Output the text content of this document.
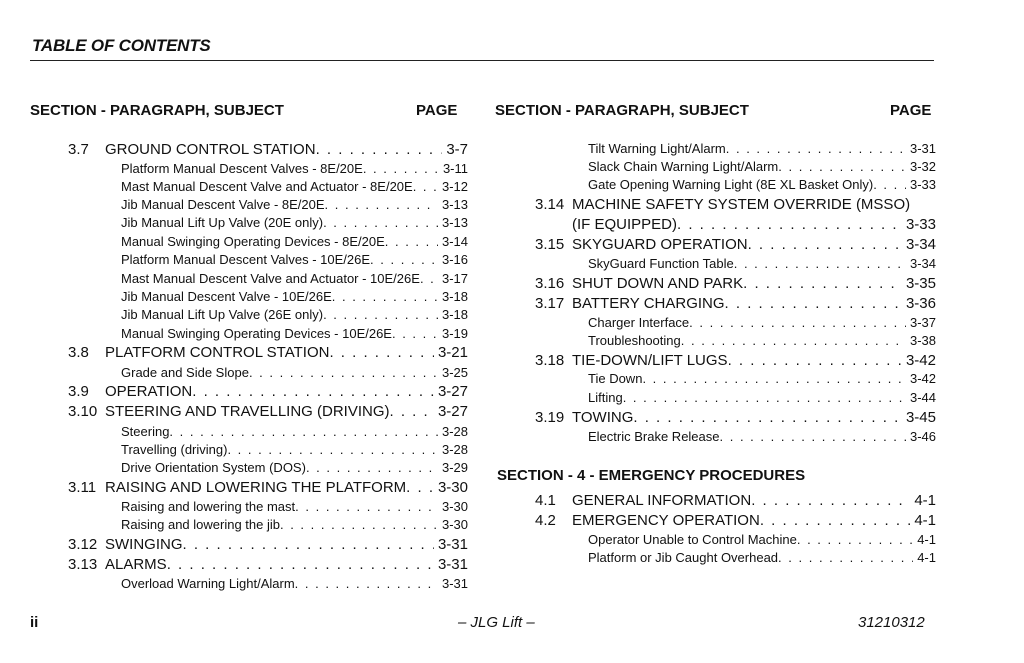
TABLE OF CONTENTS
SECTION - PARAGRAPH, SUBJECT	PAGE	SECTION - PARAGRAPH, SUBJECT	PAGE
3.7	GROUND CONTROL STATION . . .	3-7
Platform Manual Descent Valves - 8E/20E . . .	3-11
Mast Manual Descent Valve and Actuator - 8E/20E . . .	3-12
Jib Manual Descent Valve - 8E/20E . . .	3-13
Jib Manual Lift Up Valve (20E only) . . .	3-13
Manual Swinging Operating Devices - 8E/20E . . .	3-14
Platform Manual Descent Valves - 10E/26E . . .	3-16
Mast Manual Descent Valve and Actuator - 10E/26E . . .	3-17
Jib Manual Descent Valve - 10E/26E . . .	3-18
Jib Manual Lift Up Valve (26E only) . . .	3-18
Manual Swinging Operating Devices - 10E/26E . . .	3-19
3.8	PLATFORM CONTROL STATION . . .	3-21
Grade and Side Slope . . .	3-25
3.9	OPERATION . . .	3-27
3.10 STEERING AND TRAVELLING (DRIVING) . . .	3-27
Steering . . .	3-28
Travelling (driving) . . .	3-28
Drive Orientation System (DOS) . . .	3-29
3.11 RAISING AND LOWERING THE PLATFORM . . . 3-30
Raising and lowering the mast . . .	3-30
Raising and lowering the jib . . .	3-30
3.12 SWINGING . . .	3-31
3.13 ALARMS . . .	3-31
Overload Warning Light/Alarm . . .	3-31
Tilt Warning Light/Alarm . . .	3-31
Slack Chain Warning Light/Alarm . . .	3-32
Gate Opening Warning Light (8E XL Basket Only) . . .	3-33
3.14 MACHINE SAFETY SYSTEM OVERRIDE (MSSO)
(IF EQUIPPED) . . .	3-33
3.15 SKYGUARD OPERATION . . .	3-34
SkyGuard Function Table . . .	3-34
3.16 SHUT DOWN AND PARK . . .	3-35
3.17 BATTERY CHARGING . . .	3-36
Charger Interface . . .	3-37
Troubleshooting . . .	3-38
3.18 TIE-DOWN/LIFT LUGS . . .	3-42
Tie Down . . .	3-42
Lifting . . .	3-44
3.19 TOWING . . .	3-45
Electric Brake Release . . .	3-46
SECTION - 4 - EMERGENCY PROCEDURES
4.1	GENERAL INFORMATION . . .	4-1
4.2	EMERGENCY OPERATION . . .	4-1
Operator Unable to Control Machine . . .	4-1
Platform or Jib Caught Overhead . . .	4-1
ii	– JLG Lift –	31210312
